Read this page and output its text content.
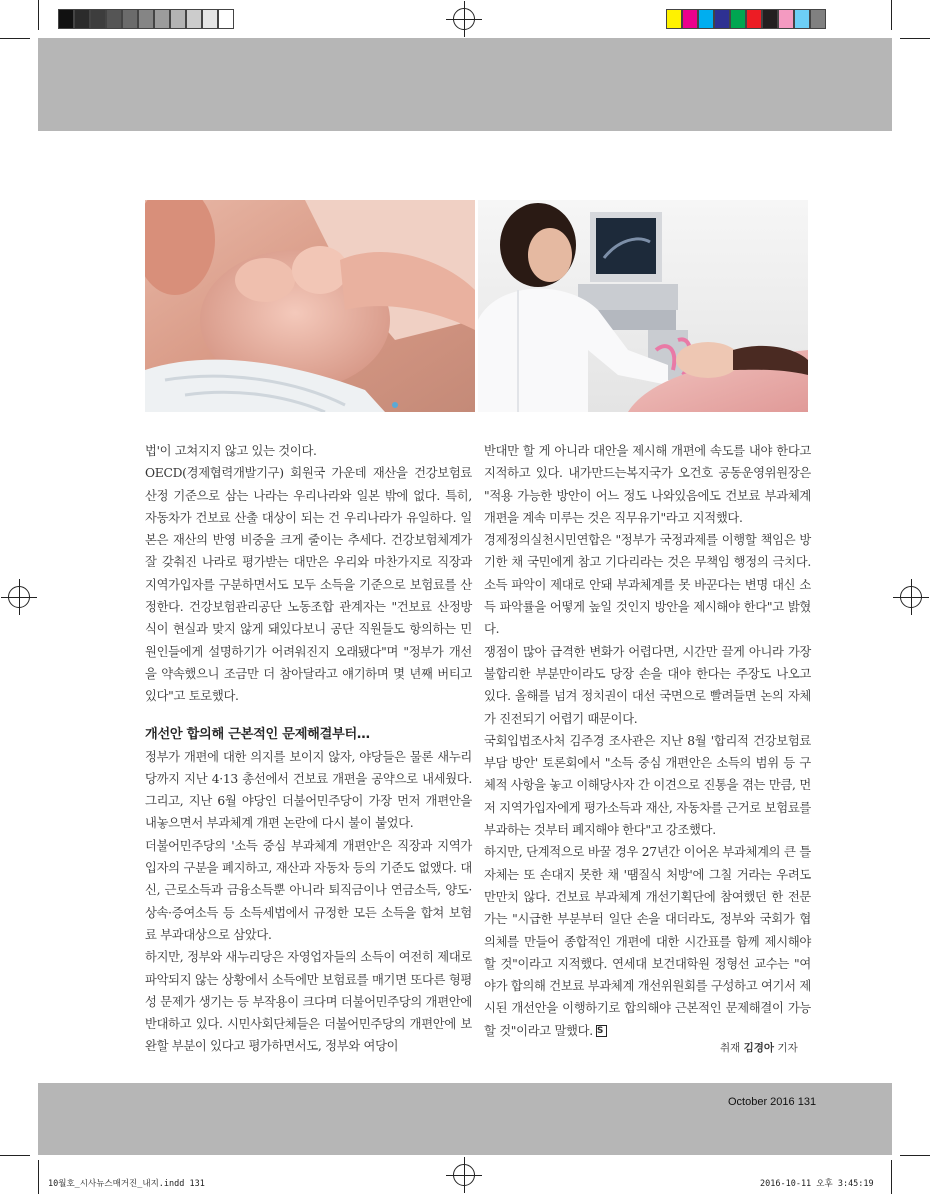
법'이 고쳐지지 않고 있는 것이다.

OECD(경제협력개발기구) 회원국 가운데 재산을 건강보험료 산정 기준으로 삼는 나라는 우리나라와 일본 밖에 없다. 특히, 자동차가 건보료 산출 대상이 되는 건 우리나라가 유일하다. 일본은 재산의 반영 비중을 크게 줄이는 추세다. 건강보험체계가 잘 갖춰진 나라로 평가받는 대만은 우리와 마찬가지로 직장과 지역가입자를 구분하면서도 모두 소득을 기준으로 보험료를 산정한다. 건강보험관리공단 노동조합 관계자는 "건보료 산정방식이 현실과 맞지 않게 돼있다보니 공단 직원들도 항의하는 민원인들에게 설명하기가 어려워진지 오래됐다"며 "정부가 개선을 약속했으니 조금만 더 참아달라고 얘기하며 몇 년째 버티고 있다"고 토로했다.

개선안 합의해 근본적인 문제해결부터…

정부가 개편에 대한 의지를 보이지 않자, 야당들은 물론 새누리당까지 지난 4·13 총선에서 건보료 개편을 공약으로 내세웠다. 그리고, 지난 6월 야당인 더불어민주당이 가장 먼저 개편안을 내놓으면서 부과체계 개편 논란에 다시 불이 붙었다.

더불어민주당의 '소득 중심 부과체계 개편안'은 직장과 지역가입자의 구분을 폐지하고, 재산과 자동차 등의 기준도 없앴다. 대신, 근로소득과 금융소득뿐 아니라 퇴직금이나 연금소득, 양도·상속·증여소득 등 소득세법에서 규정한 모든 소득을 합쳐 보험료 부과대상으로 삼았다.

하지만, 정부와 새누리당은 자영업자들의 소득이 여전히 제대로 파악되지 않는 상황에서 소득에만 보험료를 매기면 또다른 형평성 문제가 생기는 등 부작용이 크다며 더불어민주당의 개편안에 반대하고 있다. 시민사회단체들은 더불어민주당의 개편안에 보완할 부분이 있다고 평가하면서도, 정부와 여당이

반대만 할 게 아니라 대안을 제시해 개편에 속도를 내야 한다고 지적하고 있다. 내가만드는복지국가 오건호 공동운영위원장은 "적용 가능한 방안이 어느 정도 나와있음에도 건보료 부과체계 개편을 계속 미루는 것은 직무유기"라고 지적했다.

경제정의실천시민연합은 "정부가 국정과제를 이행할 책임은 방기한 채 국민에게 참고 기다리라는 것은 무책임 행정의 극치다. 소득 파악이 제대로 안돼 부과체계를 못 바꾼다는 변명 대신 소득 파악률을 어떻게 높일 것인지 방안을 제시해야 한다"고 밝혔다.

쟁점이 많아 급격한 변화가 어렵다면, 시간만 끌게 아니라 가장 불합리한 부분만이라도 당장 손을 대야 한다는 주장도 나오고 있다. 올해를 넘겨 정치권이 대선 국면으로 빨려들면 논의 자체가 진전되기 어렵기 때문이다.

국회입법조사처 김주경 조사관은 지난 8월 '합리적 건강보험료 부담 방안' 토론회에서 "소득 중심 개편안은 소득의 범위 등 구체적 사항을 놓고 이해당사자 간 이견으로 진통을 겪는 만큼, 먼저 지역가입자에게 평가소득과 재산, 자동차를 근거로 보험료를 부과하는 것부터 폐지해야 한다"고 강조했다.

하지만, 단계적으로 바꿀 경우 27년간 이어온 부과체계의 큰 틀 자체는 또 손대지 못한 채 '땜질식 처방'에 그칠 거라는 우려도 만만치 않다. 건보료 부과체계 개선기획단에 참여했던 한 전문가는 "시급한 부분부터 일단 손을 대더라도, 정부와 국회가 협의체를 만들어 종합적인 개편에 대한 시간표를 함께 제시해야 할 것"이라고 지적했다. 연세대 보건대학원 정형선 교수는 "여야가 합의해 건보료 부과체계 개선위원회를 구성하고 여기서 제시된 개선안을 이행하기로 합의해야 근본적인 문제해결이 가능할 것"이라고 말했다. S

취재 김경아 기자
October 2016 131
10월호_시사뉴스매거진_내지.indd 131	2016-10-11 오후 3:45:19
